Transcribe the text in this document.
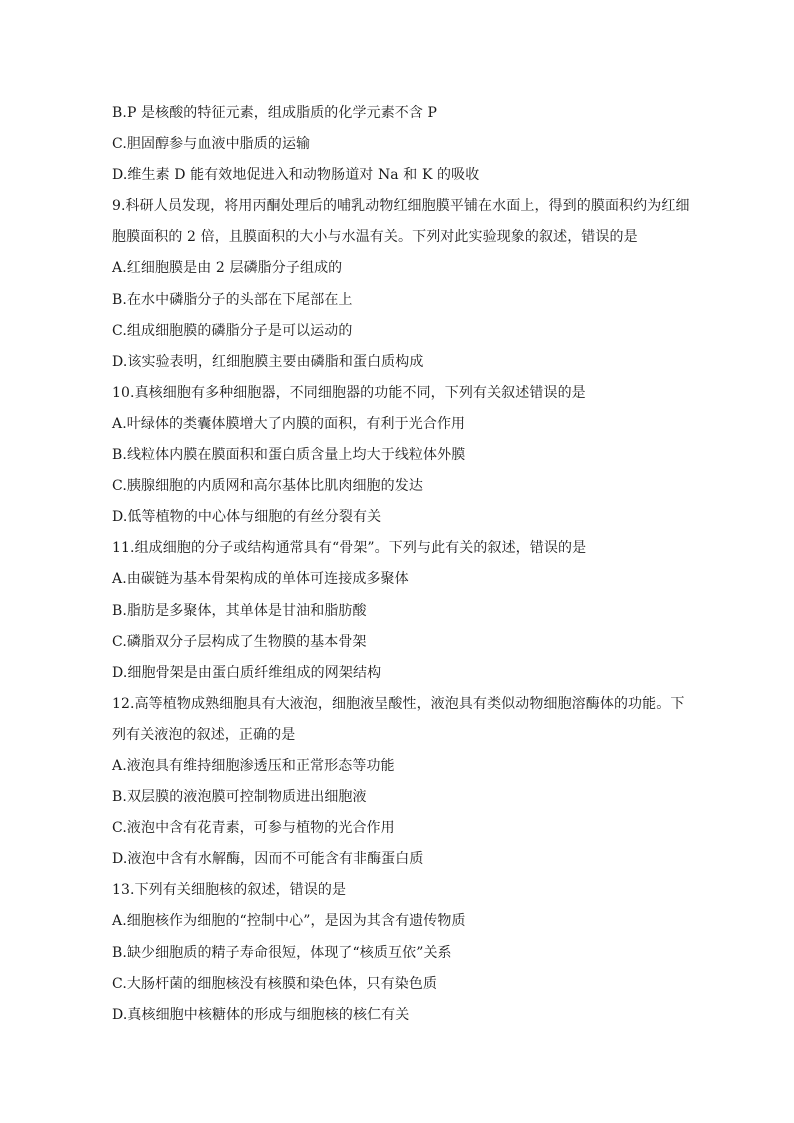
B.P 是核酸的特征元素，组成脂质的化学元素不含 P
C.胆固醇参与血液中脂质的运输
D.维生素 D 能有效地促进入和动物肠道对 Na 和 K 的吸收
9.科研人员发现，将用丙酮处理后的哺乳动物红细胞膜平铺在水面上，得到的膜面积约为红细
胞膜面积的 2 倍，且膜面积的大小与水温有关。下列对此实验现象的叙述，错误的是
A.红细胞膜是由 2 层磷脂分子组成的
B.在水中磷脂分子的头部在下尾部在上
C.组成细胞膜的磷脂分子是可以运动的
D.该实验表明，红细胞膜主要由磷脂和蛋白质构成
10.真核细胞有多种细胞器，不同细胞器的功能不同，下列有关叙述错误的是
A.叶绿体的类囊体膜增大了内膜的面积，有利于光合作用
B.线粒体内膜在膜面积和蛋白质含量上均大于线粒体外膜
C.胰腺细胞的内质网和高尔基体比肌肉细胞的发达
D.低等植物的中心体与细胞的有丝分裂有关
11.组成细胞的分子或结构通常具有“骨架”。下列与此有关的叙述，错误的是
A.由碳链为基本骨架构成的单体可连接成多聚体
B.脂肪是多聚体，其单体是甘油和脂肪酸
C.磷脂双分子层构成了生物膜的基本骨架
D.细胞骨架是由蛋白质纤维组成的网架结构
12.高等植物成熟细胞具有大液泡，细胞液呈酸性，液泡具有类似动物细胞溶酶体的功能。下
列有关液泡的叙述，正确的是
A.液泡具有维持细胞渗透压和正常形态等功能
B.双层膜的液泡膜可控制物质进出细胞液
C.液泡中含有花青素，可参与植物的光合作用
D.液泡中含有水解酶，因而不可能含有非酶蛋白质
13.下列有关细胞核的叙述，错误的是
A.细胞核作为细胞的“控制中心”，是因为其含有遗传物质
B.缺少细胞质的精子寿命很短，体现了“核质互依”关系
C.大肠杆菌的细胞核没有核膜和染色体，只有染色质
D.真核细胞中核糖体的形成与细胞核的核仁有关
